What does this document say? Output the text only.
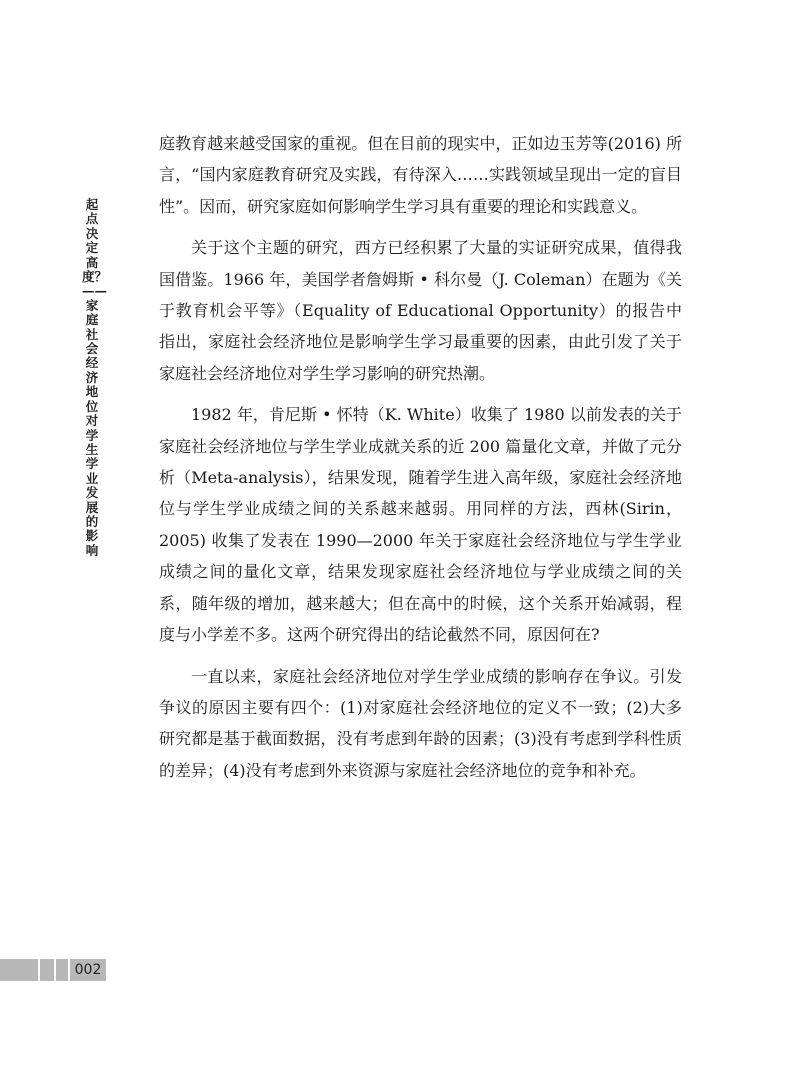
起点决定高度？——家庭社会经济地位对学生学业发展的影响

庭教育越来越受国家的重视。但在目前的现实中，正如边玉芳等(2016) 所言，“国内家庭教育研究及实践，有待深入……实践领域呈现出一定的盲目性”。因而，研究家庭如何影响学生学习具有重要的理论和实践意义。

关于这个主题的研究，西方已经积累了大量的实证研究成果，值得我国借鉴。1966 年，美国学者詹姆斯 • 科尔曼（J. Coleman）在题为《关于教育机会平等》（Equality of Educational Opportunity）的报告中指出，家庭社会经济地位是影响学生学习最重要的因素，由此引发了关于家庭社会经济地位对学生学习影响的研究热潮。

1982 年，肯尼斯 • 怀特（K. White）收集了 1980 以前发表的关于家庭社会经济地位与学生学业成就关系的近 200 篇量化文章，并做了元分析（Meta-analysis），结果发现，随着学生进入高年级，家庭社会经济地位与学生学业成绩之间的关系越来越弱。用同样的方法，西林(Sirin，2005) 收集了发表在 1990—2000 年关于家庭社会经济地位与学生学业成绩之间的量化文章，结果发现家庭社会经济地位与学业成绩之间的关系，随年级的增加，越来越大；但在高中的时候，这个关系开始减弱，程度与小学差不多。这两个研究得出的结论截然不同，原因何在?

一直以来，家庭社会经济地位对学生学业成绩的影响存在争议。引发争议的原因主要有四个：(1)对家庭社会经济地位的定义不一致；(2)大多研究都是基于截面数据，没有考虑到年龄的因素；(3)没有考虑到学科性质的差异；(4)没有考虑到外来资源与家庭社会经济地位的竞争和补充。

002
